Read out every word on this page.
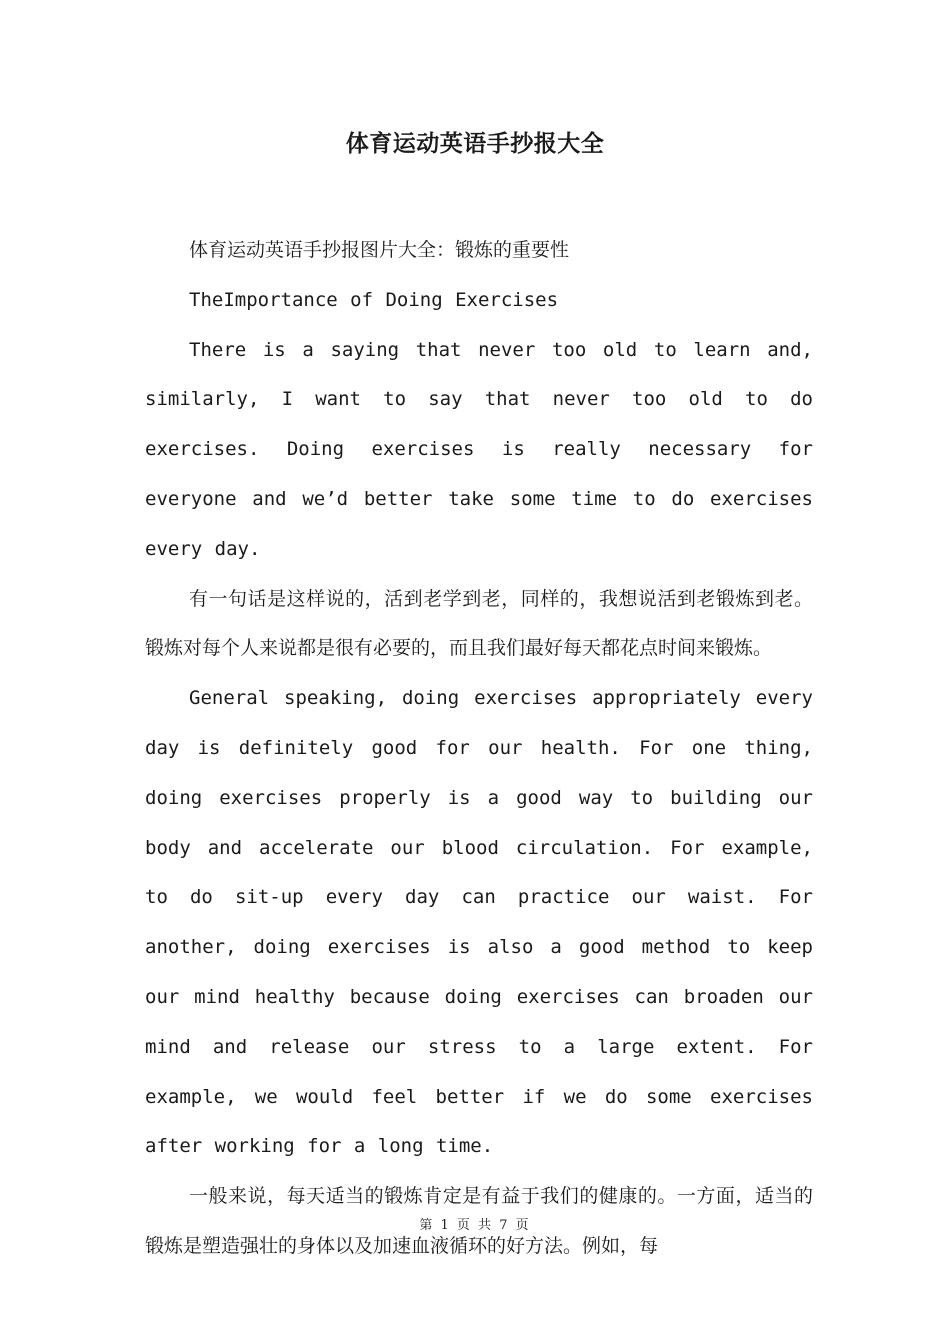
体育运动英语手抄报大全

体育运动英语手抄报图片大全：锻炼的重要性

TheImportance of Doing Exercises

There is a saying that never too old to learn and, similarly, I want to say that never too old to do exercises. Doing exercises is really necessary for everyone and we’d better take some time to do exercises every day.

有一句话是这样说的，活到老学到老，同样的，我想说活到老锻炼到老。锻炼对每个人来说都是很有必要的，而且我们最好每天都花点时间来锻炼。

General speaking, doing exercises appropriately every day is definitely good for our health. For one thing, doing exercises properly is a good way to building our body and accelerate our blood circulation. For example, to do sit-up every day can practice our waist. For another, doing exercises is also a good method to keep our mind healthy because doing exercises can broaden our mind and release our stress to a large extent. For example, we would feel better if we do some exercises after working for a long time.

一般来说，每天适当的锻炼肯定是有益于我们的健康的。一方面，适当的锻炼是塑造强壮的身体以及加速血液循环的好方法。例如，每

第 1 页 共 7 页
